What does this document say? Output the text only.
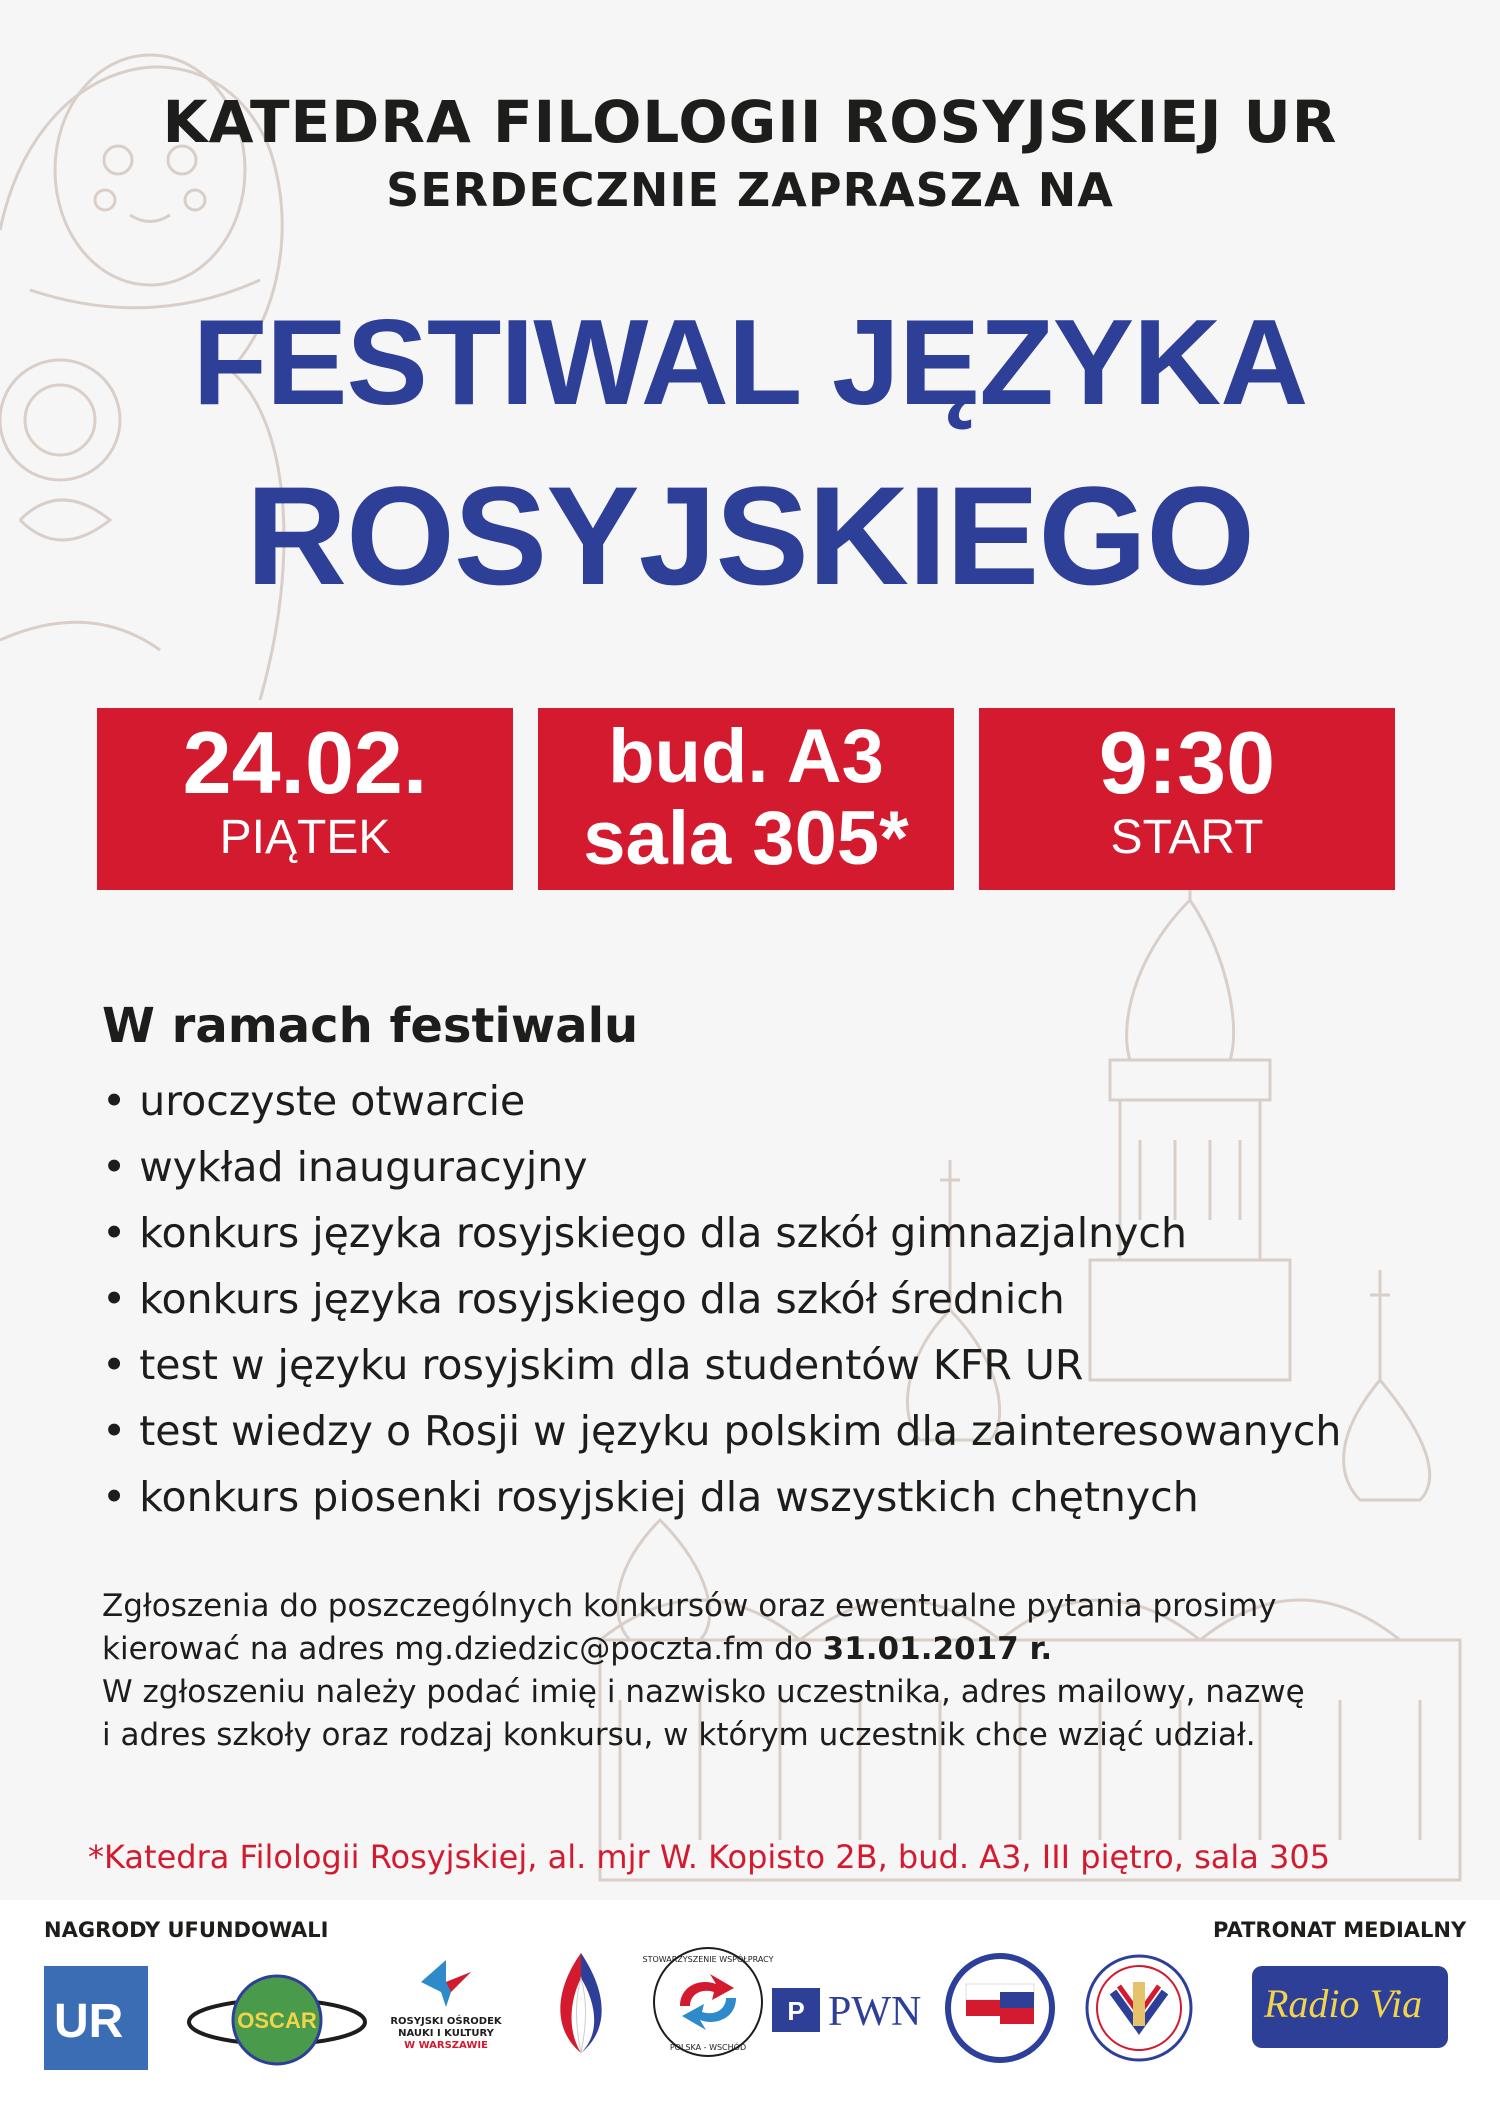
KATEDRA FILOLOGII ROSYJSKIEJ UR
SERDECZNIE ZAPRASZA NA
FESTIWAL JĘZYKA
ROSYJSKIEGO
24.02.
PIĄTEK
bud. A3
sala 305*
9:30
START
W ramach festiwalu
• uroczyste otwarcie
• wykład inauguracyjny
• konkurs języka rosyjskiego dla szkół gimnazjalnych
• konkurs języka rosyjskiego dla szkół średnich
• test w języku rosyjskim dla studentów KFR UR
• test wiedzy o Rosji w języku polskim dla zainteresowanych
• konkurs piosenki rosyjskiej dla wszystkich chętnych
Zgłoszenia do poszczególnych konkursów oraz ewentualne pytania prosimy
kierować na adres mg.dziedzic@poczta.fm do 31.01.2017 r.
W zgłoszeniu należy podać imię i nazwisko uczestnika, adres mailowy, nazwę
i adres szkoły oraz rodzaj konkursu, w którym uczestnik chce wziąć udział.
*Katedra Filologii Rosyjskiej, al. mjr W. Kopisto 2B, bud. A3, III piętro, sala 305
NAGRODY UFUNDOWALI	PATRONAT MEDIALNY
UR	OSCAR	ROSYJSKI OŚRODEK
NAUKI I KULTURY
W WARSZAWIE
STOWARZYSZENIE WSPÓŁPRACY
POLSKA - WSCHÓD
P PWN	Radio Via
